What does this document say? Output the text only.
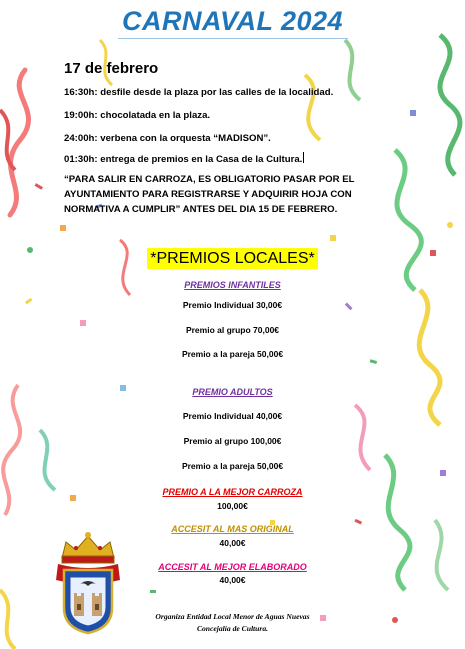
CARNAVAL 2024
17 de febrero
16:30h: desfile desde la plaza por las calles de la localidad.
19:00h: chocolatada en la plaza.
24:00h: verbena con la orquesta “MADISON”.
01:30h: entrega de premios en la Casa de la Cultura.
“PARA SALIR EN CARROZA, ES OBLIGATORIO PASAR POR EL AYUNTAMIENTO PARA REGISTRARSE Y ADQUIRIR HOJA CON NORMATIVA A CUMPLIR” ANTES DEL DIA 15 DE FEBRERO.
*PREMIOS LOCALES*
PREMIOS INFANTILES
Premio Individual 30,00€
Premio al grupo 70,00€
Premio a la pareja 50,00€
PREMIO ADULTOS
Premio Individual 40,00€
Premio al grupo 100,00€
Premio a la pareja 50,00€
PREMIO A LA MEJOR CARROZA
100,00€
ACCESIT AL MAS ORIGINAL
40,00€
ACCESIT AL MEJOR ELABORADO
40,00€
Organiza Entidad Local Menor de Aguas Nuevas
Concejalía de Cultura.
